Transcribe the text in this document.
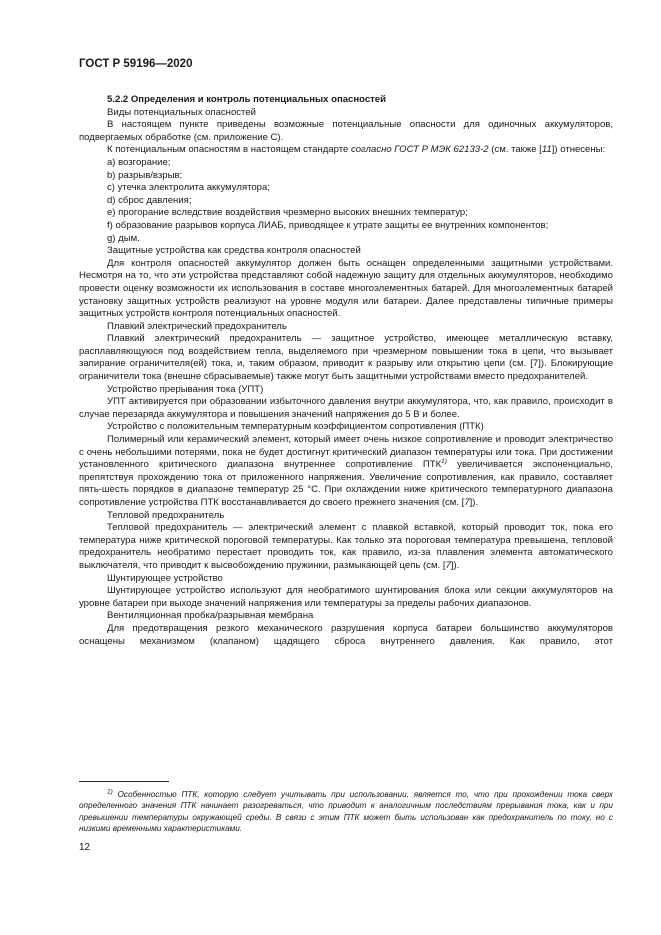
ГОСТ Р 59196—2020

5.2.2 Определения и контроль потенциальных опасностей

Виды потенциальных опасностей

В настоящем пункте приведены возможные потенциальные опасности для одиночных аккумуляторов, подвергаемых обработке (см. приложение С).

К потенциальным опасностям в настоящем стандарте согласно ГОСТ Р МЭК 62133-2 (см. также [11]) отнесены:

a) возгорание;

b) разрыв/взрыв;

c) утечка электролита аккумулятора;

d) сброс давления;

e) прогорание вследствие воздействия чрезмерно высоких внешних температур;

f) образование разрывов корпуса ЛИАБ, приводящее к утрате защиты ее внутренних компонентов;

g) дым.

Защитные устройства как средства контроля опасностей

Для контроля опасностей аккумулятор должен быть оснащен определенными защитными устройствами. Несмотря на то, что эти устройства представляют собой надежную защиту для отдельных аккумуляторов, необходимо провести оценку возможности их использования в составе многоэлементных батарей. Для многоэлементных батарей установку защитных устройств реализуют на уровне модуля или батареи. Далее представлены типичные примеры защитных устройств контроля потенциальных опасностей.

Плавкий электрический предохранитель

Плавкий электрический предохранитель — защитное устройство, имеющее металлическую вставку, расплавляющуюся под воздействием тепла, выделяемого при чрезмерном повышении тока в цепи, что вызывает запирание ограничителя(ей) тока, и, таким образом, приводит к разрыву или открытию цепи (см. [7]). Блокирующие ограничители тока (внешне сбрасываемые) также могут быть защитными устройствами вместо предохранителей.

Устройство прерывания тока (УПТ)

УПТ активируется при образовании избыточного давления внутри аккумулятора, что, как правило, происходит в случае перезаряда аккумулятора и повышения значений напряжения до 5 В и более.

Устройство с положительным температурным коэффициентом сопротивления (ПТК)

Полимерный или керамический элемент, который имеет очень низкое сопротивление и проводит электричество с очень небольшими потерями, пока не будет достигнут критический диапазон температуры или тока. При достижении установленного критического диапазона внутреннее сопротивление ПТК$^{1)}$ увеличивается экспоненциально, препятствуя прохождению тока от приложенного напряжения. Увеличение сопротивления, как правило, составляет пять-шесть порядков в диапазоне температур 25 °С. При охлаждении ниже критического температурного диапазона сопротивление устройства ПТК восстанавливается до своего прежнего значения (см. [7]).

Тепловой предохранитель

Тепловой предохранитель — электрический элемент с плавкой вставкой, который проводит ток, пока его температура ниже критической пороговой температуры. Как только эта пороговая температура превышена, тепловой предохранитель необратимо перестает проводить ток, как правило, из-за плавления элемента автоматического выключателя, что приводит к высвобождению пружинки, размыкающей цепь (см. [7]).

Шунтирующее устройство

Шунтирующее устройство используют для необратимого шунтирования блока или секции аккумуляторов на уровне батареи при выходе значений напряжения или температуры за пределы рабочих диапазонов.

Вентиляционная пробка/разрывная мембрана

Для предотвращения резкого механического разрушения корпуса батареи большинство аккумуляторов оснащены механизмом (клапаном) щадящего сброса внутреннего давления. Как правило, этот

$^{1)}$ Особенностью ПТК, которую следует учитывать при использовании, является то, что при прохождении тока сверх определенного значения ПТК начинает разогреваться, что приводит к аналогичным последствиям прерывания тока, как и при превышении температуры окружающей среды. В связи с этим ПТК может быть использован как предохранитель по току, но с низкими временными характеристиками.
12
